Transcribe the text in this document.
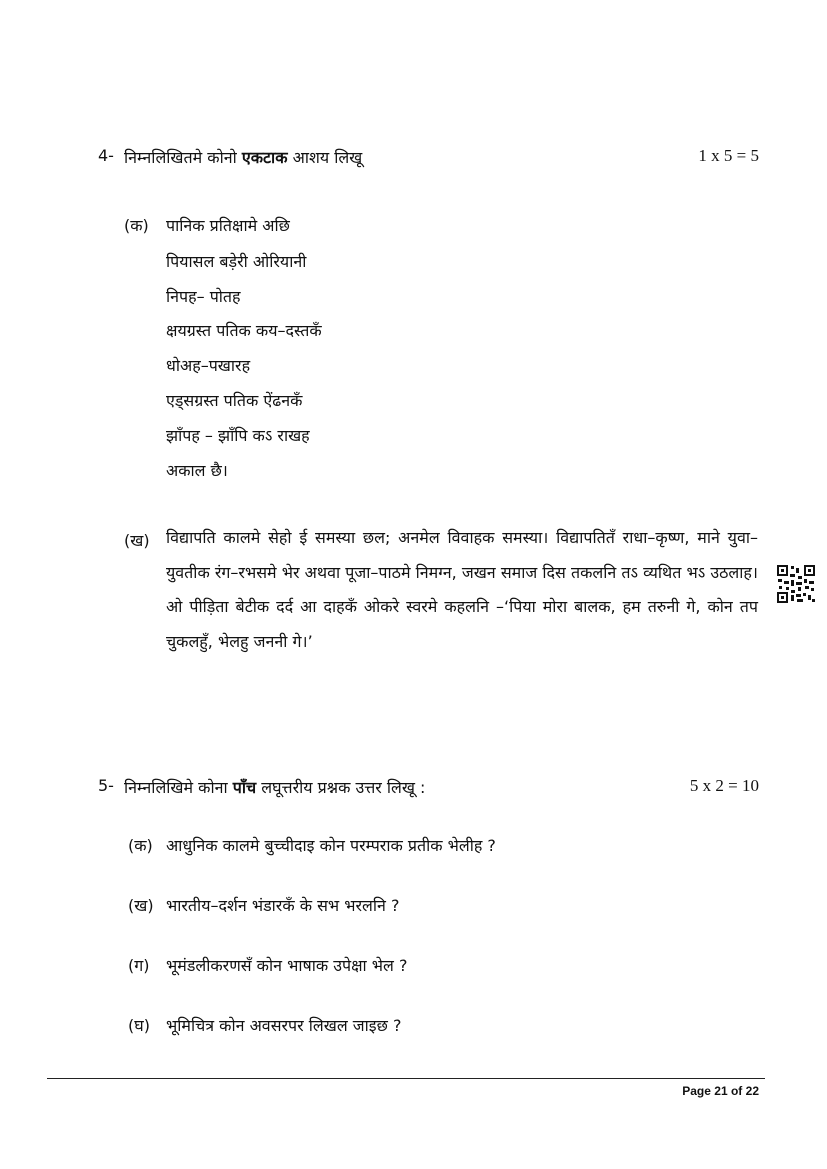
4- निम्नलिखितमे कोनो एकटाक आशय लिखू	1 x 5 = 5
(क) पानिक प्रतिक्षामे अछि
पियासल बड़ेरी ओरियानी
निपह– पोतह
क्षयग्रस्त पतिक कय–दस्तकँ
धोअह–पखारह
एड्सग्रस्त पतिक ऐंढनकँ
झाँपह – झाँपि कऽ राखह
अकाल छै।
(ख) विद्यापति कालमे सेहो ई समस्या छल; अनमेल विवाहक समस्या। विद्यापतितँ राधा–कृष्ण, माने युवा–युवतीक रंग–रभसमे भेर अथवा पूजा–पाठमे निमग्न, जखन समाज दिस तकलनि तऽ व्यथित भऽ उठलाह। ओ पीड़िता बेटीक दर्द आ दाहकँ ओकरे स्वरमे कहलनि –‘पिया मोरा बालक, हम तरुनी गे, कोन तप चुकलहुँ, भेलहु जननी गे।’

5- निम्नलिखिमे कोना पाँच लघूत्तरीय प्रश्नक उत्तर लिखू :	5 x 2 = 10
(क) आधुनिक कालमे बुच्चीदाइ कोन परम्पराक प्रतीक भेलीह ?
(ख) भारतीय–दर्शन भंडारकँ के सभ भरलनि ?
(ग) भूमंडलीकरणसँ कोन भाषाक उपेक्षा भेल ?
(घ) भूमिचित्र कोन अवसरपर लिखल जाइछ ?
Page 21 of 22
